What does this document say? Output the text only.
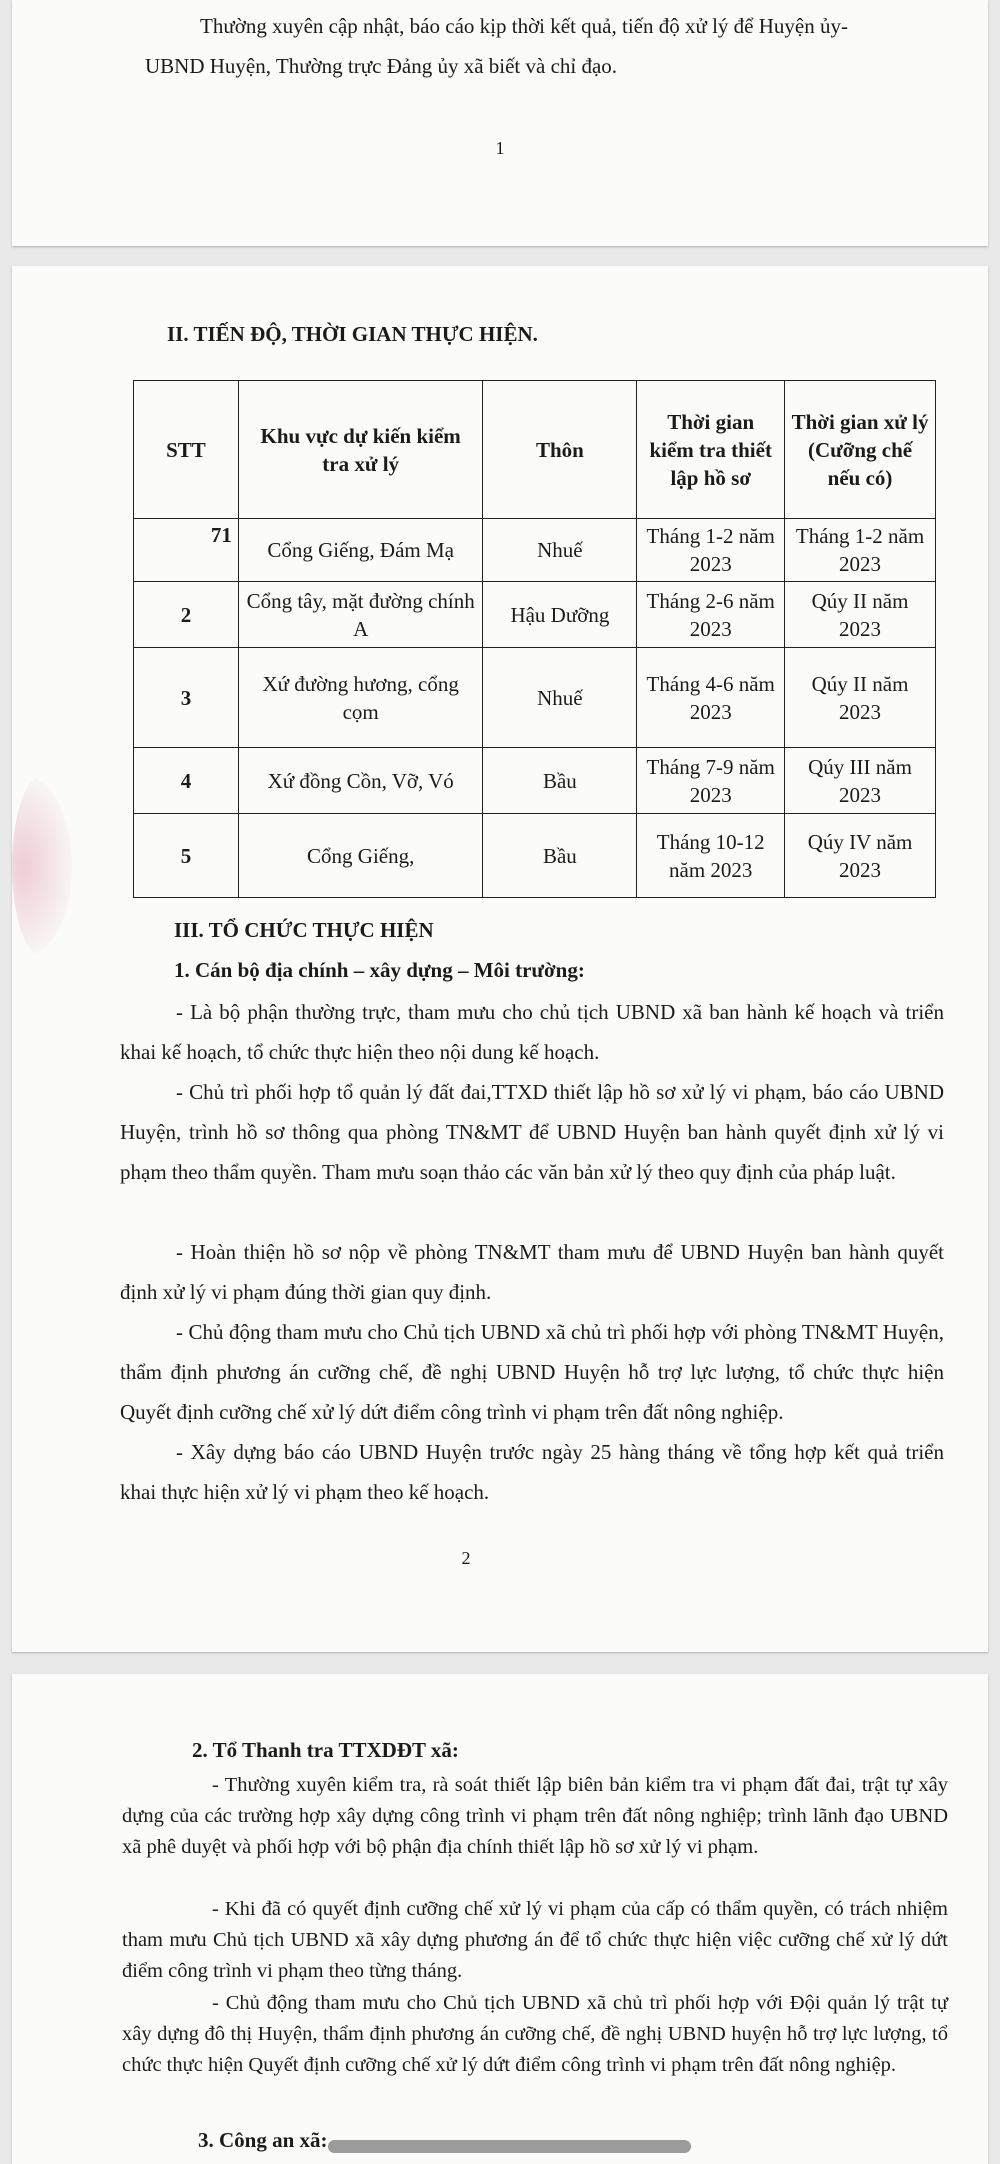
Thường xuyên cập nhật, báo cáo kịp thời kết quả, tiến độ xử lý để Huyện ủy-
UBND Huyện, Thường trực Đảng ủy xã biết và chỉ đạo.
1
II. TIẾN ĐỘ, THỜI GIAN THỰC HIỆN.
STT	Khu vực dự kiến kiểm tra xử lý	Thôn	Thời gian kiểm tra thiết lập hồ sơ	Thời gian xử lý (Cưỡng chế nếu có)
71	Cổng Giếng, Đám Mạ	Nhuế	Tháng 1-2 năm 2023	Tháng 1-2 năm 2023
2	Cổng tây, mặt đường chính A	Hậu Dưỡng	Tháng 2-6 năm 2023	Qúy II năm 2023
3	Xứ đường hương, cổng cọm	Nhuế	Tháng 4-6 năm 2023	Qúy II năm 2023
4	Xứ đồng Cồn, Vỡ, Vó	Bầu	Tháng 7-9 năm 2023	Qúy III năm 2023
5	Cổng Giếng,	Bầu	Tháng 10-12 năm 2023	Qúy IV năm 2023
III. TỔ CHỨC THỰC HIỆN
1. Cán bộ địa chính – xây dựng – Môi trường:
- Là bộ phận thường trực, tham mưu cho chủ tịch UBND xã ban hành kế hoạch và triển khai kế hoạch, tổ chức thực hiện theo nội dung kế hoạch.
- Chủ trì phối hợp tổ quản lý đất đai,TTXD thiết lập hồ sơ xử lý vi phạm, báo cáo UBND Huyện, trình hồ sơ thông qua phòng TN&MT để UBND Huyện ban hành quyết định xử lý vi phạm theo thẩm quyền. Tham mưu soạn thảo các văn bản xử lý theo quy định của pháp luật.
- Hoàn thiện hồ sơ nộp về phòng TN&MT tham mưu để UBND Huyện ban hành quyết định xử lý vi phạm đúng thời gian quy định.
- Chủ động tham mưu cho Chủ tịch UBND xã chủ trì phối hợp với phòng TN&MT Huyện, thẩm định phương án cưỡng chế, đề nghị UBND Huyện hỗ trợ lực lượng, tổ chức thực hiện Quyết định cưỡng chế xử lý dứt điểm công trình vi phạm trên đất nông nghiệp.
- Xây dựng báo cáo UBND Huyện trước ngày 25 hàng tháng về tổng hợp kết quả triển khai thực hiện xử lý vi phạm theo kế hoạch.
2
2. Tổ Thanh tra TTXDĐT xã:
- Thường xuyên kiểm tra, rà soát thiết lập biên bản kiểm tra vi phạm đất đai, trật tự xây dựng của các trường hợp xây dựng công trình vi phạm trên đất nông nghiệp; trình lãnh đạo UBND xã phê duyệt và phối hợp với bộ phận địa chính thiết lập hồ sơ xử lý vi phạm.
- Khi đã có quyết định cưỡng chế xử lý vi phạm của cấp có thẩm quyền, có trách nhiệm tham mưu Chủ tịch UBND xã xây dựng phương án để tổ chức thực hiện việc cưỡng chế xử lý dứt điểm công trình vi phạm theo từng tháng.
- Chủ động tham mưu cho Chủ tịch UBND xã chủ trì phối hợp với Đội quản lý trật tự xây dựng đô thị Huyện, thẩm định phương án cưỡng chế, đề nghị UBND huyện hỗ trợ lực lượng, tổ chức thực hiện Quyết định cưỡng chế xử lý dứt điểm công trình vi phạm trên đất nông nghiệp.
3. Công an xã:
